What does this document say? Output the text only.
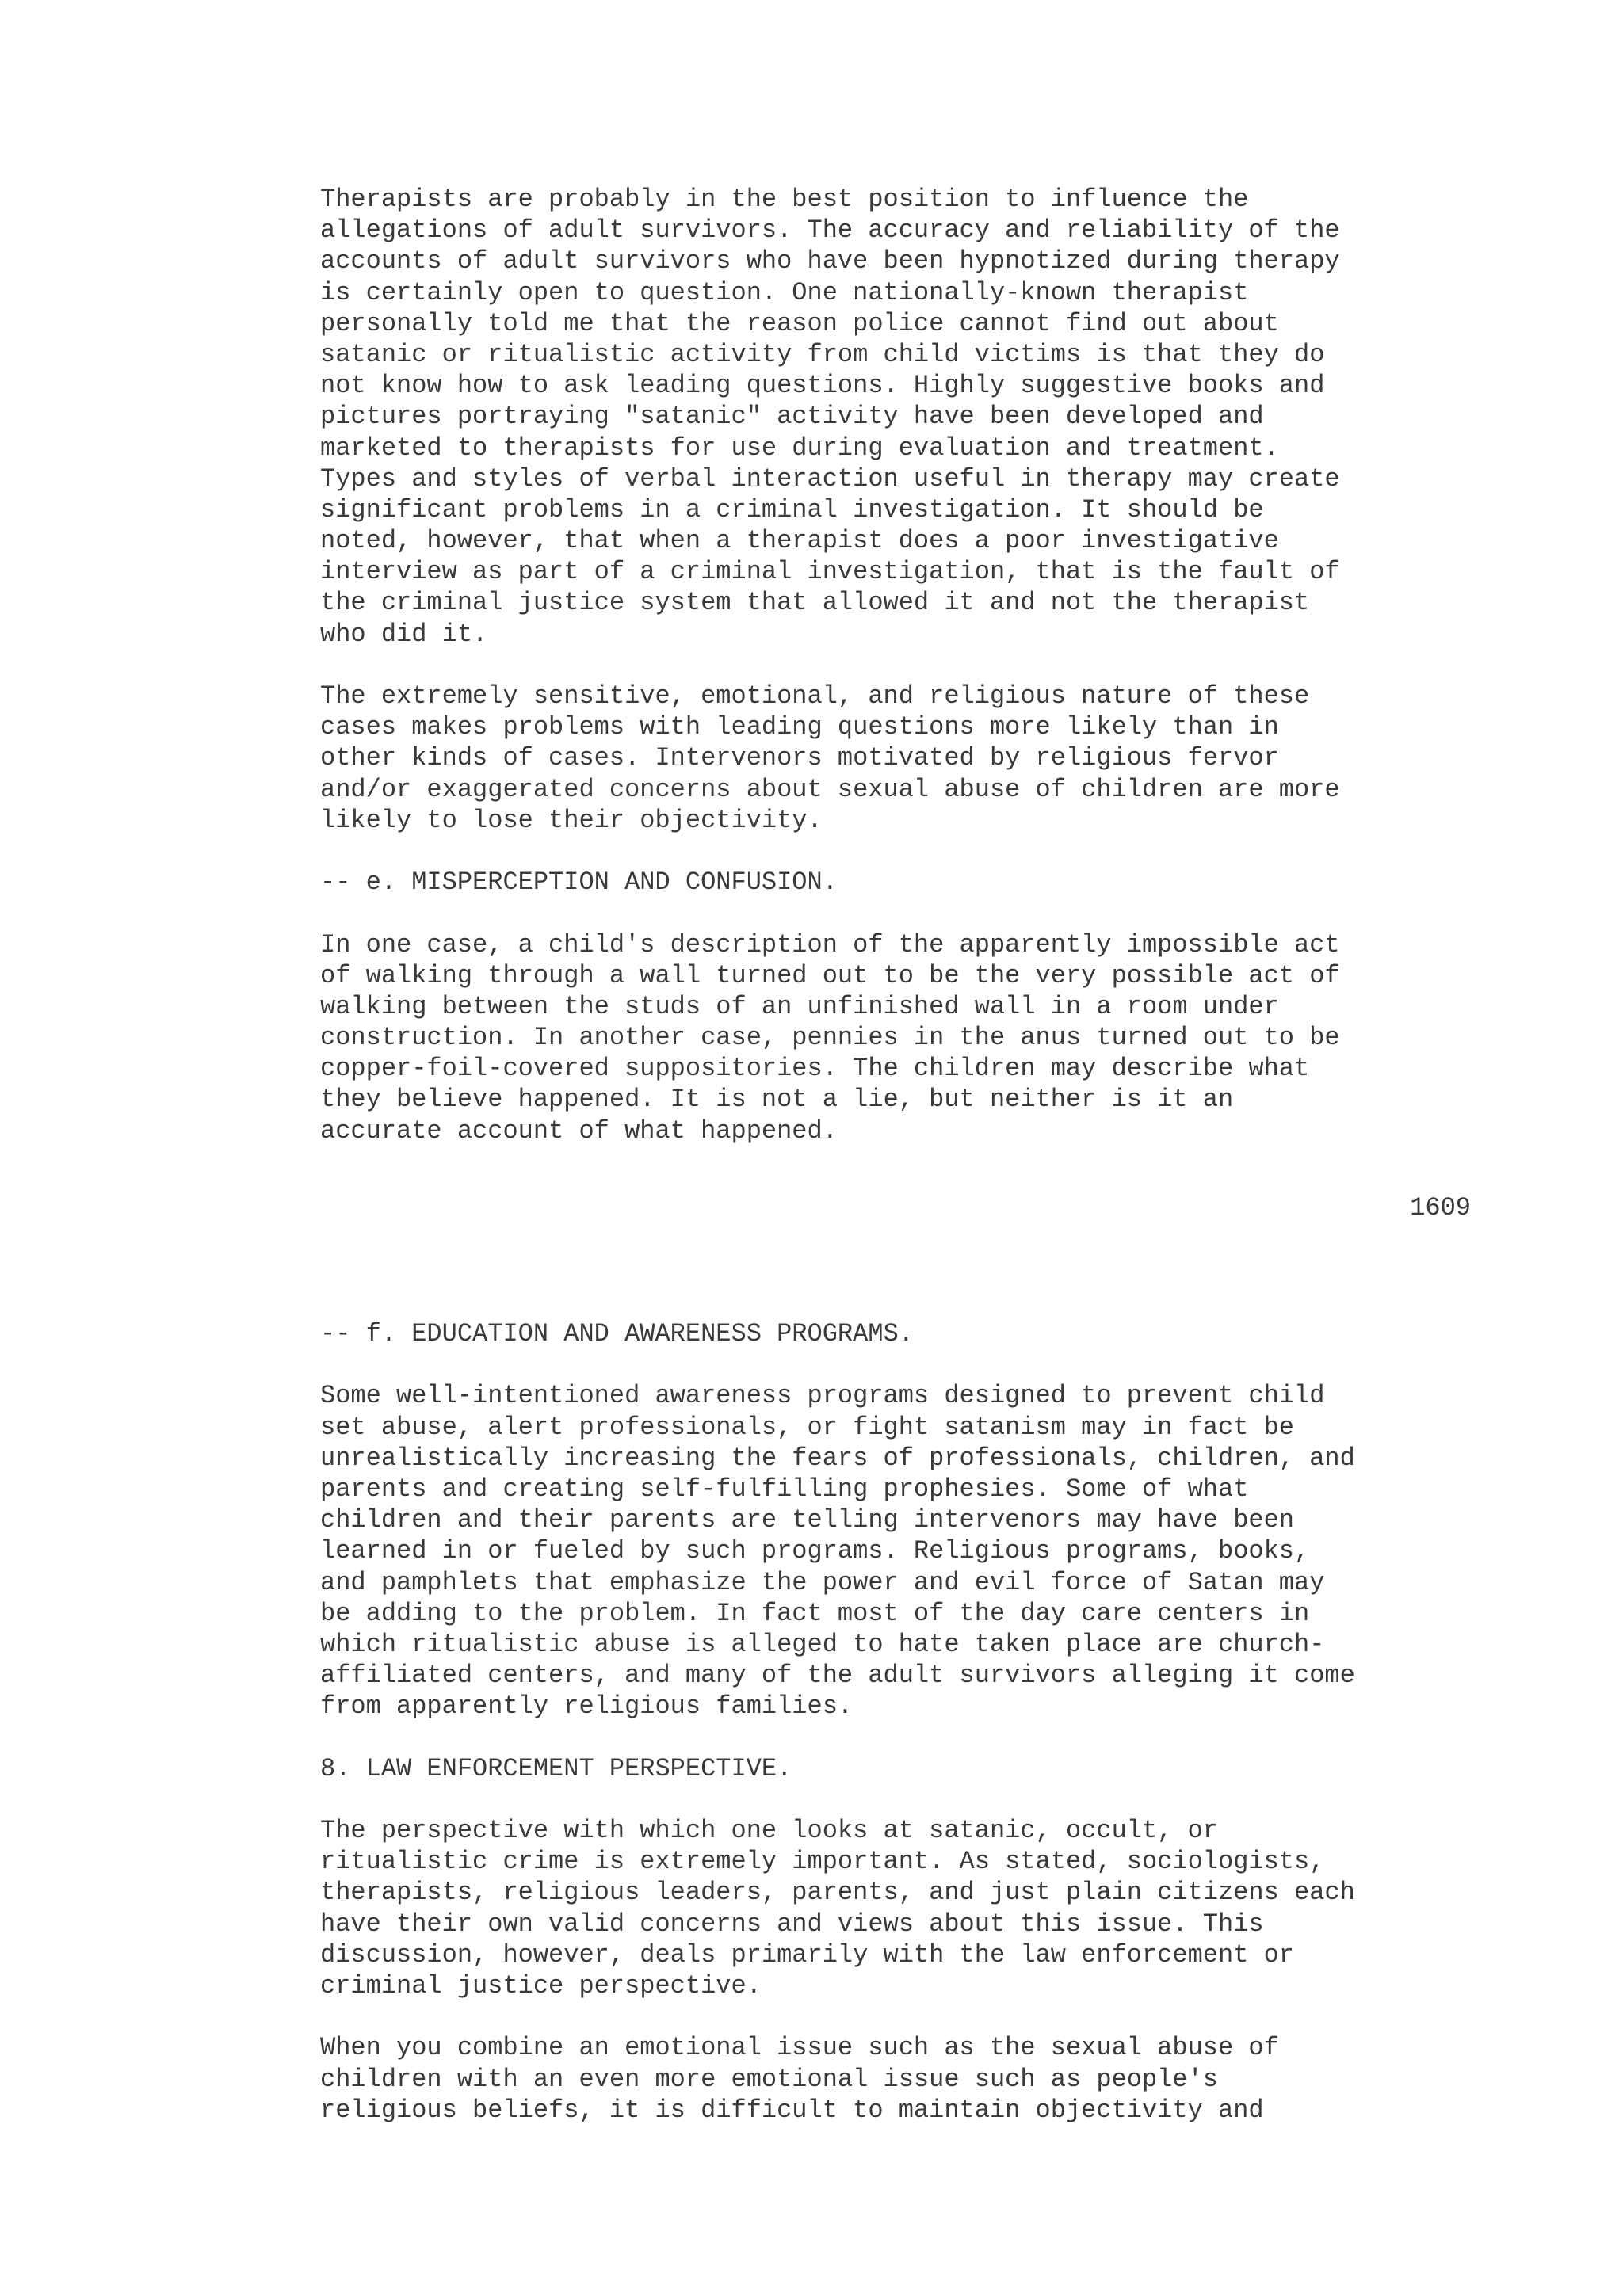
Therapists are probably in the best position to influence the
allegations of adult survivors. The accuracy and reliability of the
accounts of adult survivors who have been hypnotized during therapy
is certainly open to question. One nationally-known therapist
personally told me that the reason police cannot find out about
satanic or ritualistic activity from child victims is that they do
not know how to ask leading questions. Highly suggestive books and
pictures portraying "satanic" activity have been developed and
marketed to therapists for use during evaluation and treatment.
Types and styles of verbal interaction useful in therapy may create
significant problems in a criminal investigation. It should be
noted, however, that when a therapist does a poor investigative
interview as part of a criminal investigation, that is the fault of
the criminal justice system that allowed it and not the therapist
who did it.
The extremely sensitive, emotional, and religious nature of these
cases makes problems with leading questions more likely than in
other kinds of cases. Intervenors motivated by religious fervor
and/or exaggerated concerns about sexual abuse of children are more
likely to lose their objectivity.
-- e. MISPERCEPTION AND CONFUSION.
In one case, a child's description of the apparently impossible act
of walking through a wall turned out to be the very possible act of
walking between the studs of an unfinished wall in a room under
construction. In another case, pennies in the anus turned out to be
copper-foil-covered suppositories. The children may describe what
they believe happened. It is not a lie, but neither is it an
accurate account of what happened.
1609
-- f. EDUCATION AND AWARENESS PROGRAMS.
Some well-intentioned awareness programs designed to prevent child
set abuse, alert professionals, or fight satanism may in fact be
unrealistically increasing the fears of professionals, children, and
parents and creating self-fulfilling prophesies. Some of what
children and their parents are telling intervenors may have been
learned in or fueled by such programs. Religious programs, books,
and pamphlets that emphasize the power and evil force of Satan may
be adding to the problem. In fact most of the day care centers in
which ritualistic abuse is alleged to hate taken place are church-
affiliated centers, and many of the adult survivors alleging it come
from apparently religious families.
8. LAW ENFORCEMENT PERSPECTIVE.
The perspective with which one looks at satanic, occult, or
ritualistic crime is extremely important. As stated, sociologists,
therapists, religious leaders, parents, and just plain citizens each
have their own valid concerns and views about this issue. This
discussion, however, deals primarily with the law enforcement or
criminal justice perspective.
When you combine an emotional issue such as the sexual abuse of
children with an even more emotional issue such as people's
religious beliefs, it is difficult to maintain objectivity and
